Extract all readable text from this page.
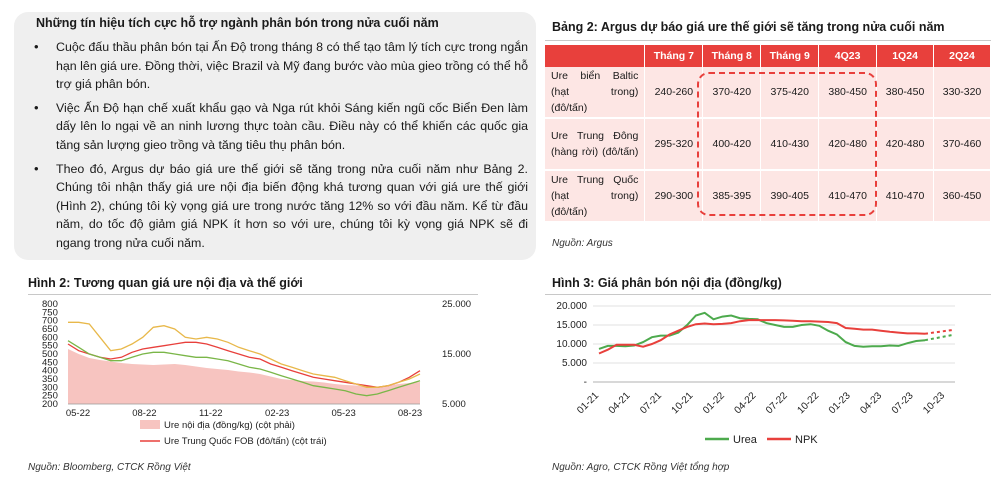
Những tín hiệu tích cực hỗ trợ ngành phân bón trong nửa cuối năm
• Cuộc đấu thầu phân bón tại Ấn Độ trong tháng 8 có thể tạo tâm lý tích cực trong ngắn hạn lên giá ure. Đồng thời, việc Brazil và Mỹ đang bước vào mùa gieo trồng có thể hỗ trợ giá phân bón.
• Việc Ấn Độ hạn chế xuất khẩu gạo và Nga rút khỏi Sáng kiến ngũ cốc Biển Đen làm dấy lên lo ngại về an ninh lương thực toàn cầu. Điều này có thể khiến các quốc gia tăng sản lượng gieo trồng và tăng tiêu thụ phân bón.
• Theo đó, Argus dự báo giá ure thế giới sẽ tăng trong nửa cuối năm như Bảng 2. Chúng tôi nhận thấy giá ure nội địa biến động khá tương quan với giá ure thế giới (Hình 2), chúng tôi kỳ vọng giá ure trong nước tăng 12% so với đầu năm. Kể từ đầu năm, do tốc độ giảm giá NPK ít hơn so với ure, chúng tôi kỳ vọng giá NPK sẽ đi ngang trong nửa cuối năm.
Bảng 2: Argus dự báo giá ure thế giới sẽ tăng trong nửa cuối năm
	Tháng 7	Tháng 8	Tháng 9	4Q23	1Q24	2Q24
Ure biển Baltic (hạt trong) (đô/tấn)	240-260	370-420	375-420	380-450	380-450	330-320
Ure Trung Đông (hàng rời) (đô/tấn)	295-320	400-420	410-430	420-480	420-480	370-460
Ure Trung Quốc (hạt trong) (đô/tấn)	290-300	385-395	390-405	410-470	410-470	360-450
Nguồn: Argus
Hình 2: Tương quan giá ure nội địa và thế giới
200
250
300
350
400
450
500
550
600
650
700
750
800
5.000
15.000
25.000
05-22	08-22	11-22	02-23	05-23	08-23
Ure nội địa (đồng/kg) (cột phải)
Ure Trung Quốc FOB (đô/tấn) (cột trái)
Nguồn: Bloomberg, CTCK Rồng Việt
Hình 3: Giá phân bón nội địa (đồng/kg)
-
5.000
10.000
15.000
20.000
01-21 04-21 07-21 10-21 01-22 04-22 07-22 10-22 01-23 04-23 07-23 10-23
Urea	NPK
Nguồn: Agro, CTCK Rồng Việt tổng hợp
